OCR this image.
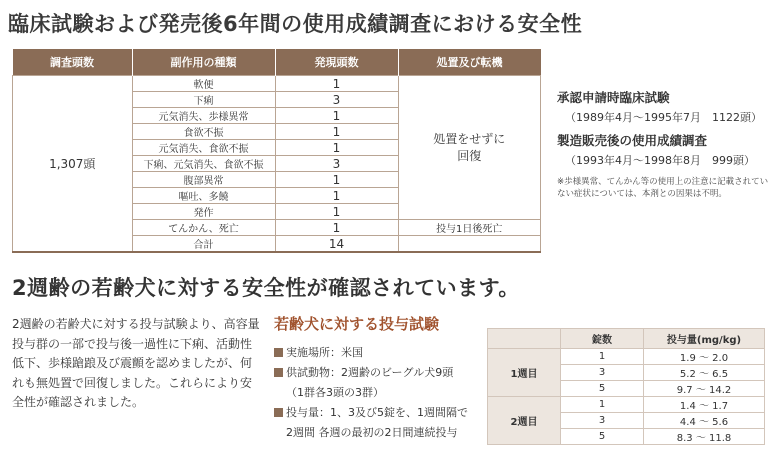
臨床試験および発売後6年間の使用成績調査における安全性
調査頭数	副作用の種類	発現頭数	処置及び転機
1,307頭	軟便	1	処置をせずに
回復
	下痢	3	
	元気消失、歩様異常	1	
	食欲不振	1	
	元気消失、食欲不振	1	
	下痢、元気消失、食欲不振	3	
	腹部異常	1	
	嘔吐、多饒	1	
	発作	1	
	てんかん、死亡	1	投与1日後死亡
	合計	14	

承認申請時臨床試験

（1989年4月～1995年7月　1122頭）

製造販売後の使用成績調査

（1993年4月～1998年8月　999頭）

※歩様異常、てんかん等の使用上の注意に記載されていない症状については、本剤との因果は不明。
2週齢の若齢犬に対する安全性が確認されています。
2週齢の若齢犬に対する投与試験より、高容量投与群の一部で投与後一過性に下痢、活動性低下、歩様蹌踉及び震顫を認めましたが、何れも無処置で回復しました。これらにより安全性が確認されました。
若齢犬に対する投与試験
実施場所：米国
供試動物：2週齢のビーグル犬9頭
（1群各3頭の3群）
投与量：1、3及び5錠を、1週間隔で
2週間 各週の最初の2日間連続投与
	錠数	投与量(mg/kg)
1週目	1	1.9 ～ 2.0
	3	5.2 ～ 6.5
	5	9.7 ～ 14.2
2週目	1	1.4 ～ 1.7
	3	4.4 ～ 5.6
	5	8.3 ～ 11.8
